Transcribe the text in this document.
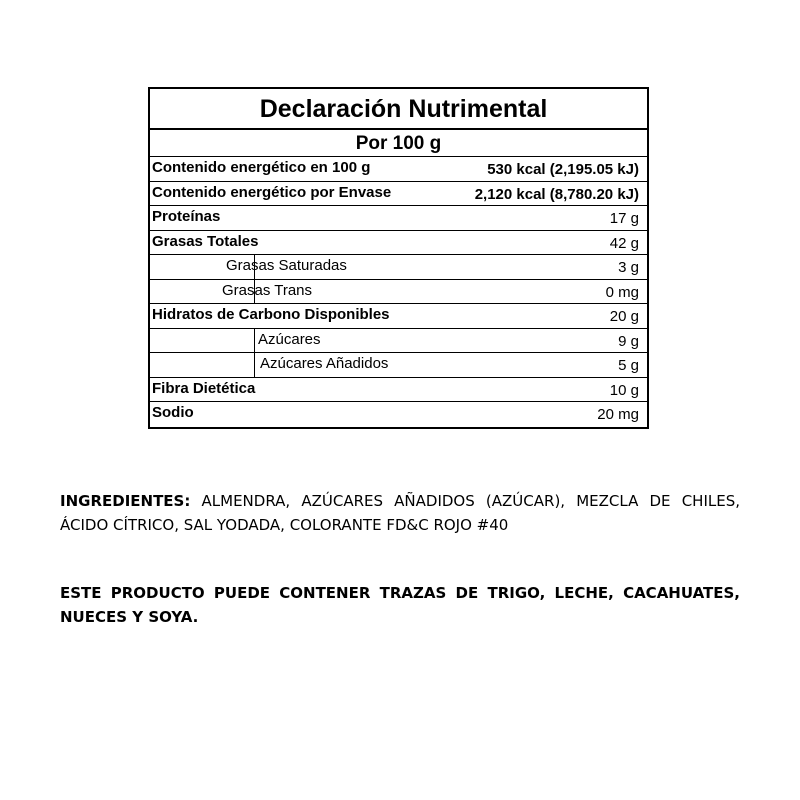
Declaración Nutrimental
Por 100 g
Contenido energético en 100 g	530 kcal (2,195.05 kJ)
Contenido energético por Envase	2,120 kcal (8,780.20 kJ)
Proteínas	17 g
Grasas Totales	42 g
Grasas Saturadas	3 g
Grasas Trans	0 mg
Hidratos de Carbono Disponibles	20 g
Azúcares	9 g
Azúcares Añadidos	5 g
Fibra Dietética	10 g
Sodio	20 mg
INGREDIENTES: ALMENDRA, AZÚCARES AÑADIDOS (AZÚCAR), MEZCLA DE CHILES, ÁCIDO CÍTRICO, SAL YODADA, COLORANTE FD&C ROJO #40
ESTE PRODUCTO PUEDE CONTENER TRAZAS DE TRIGO, LECHE, CACAHUATES, NUECES Y SOYA.
